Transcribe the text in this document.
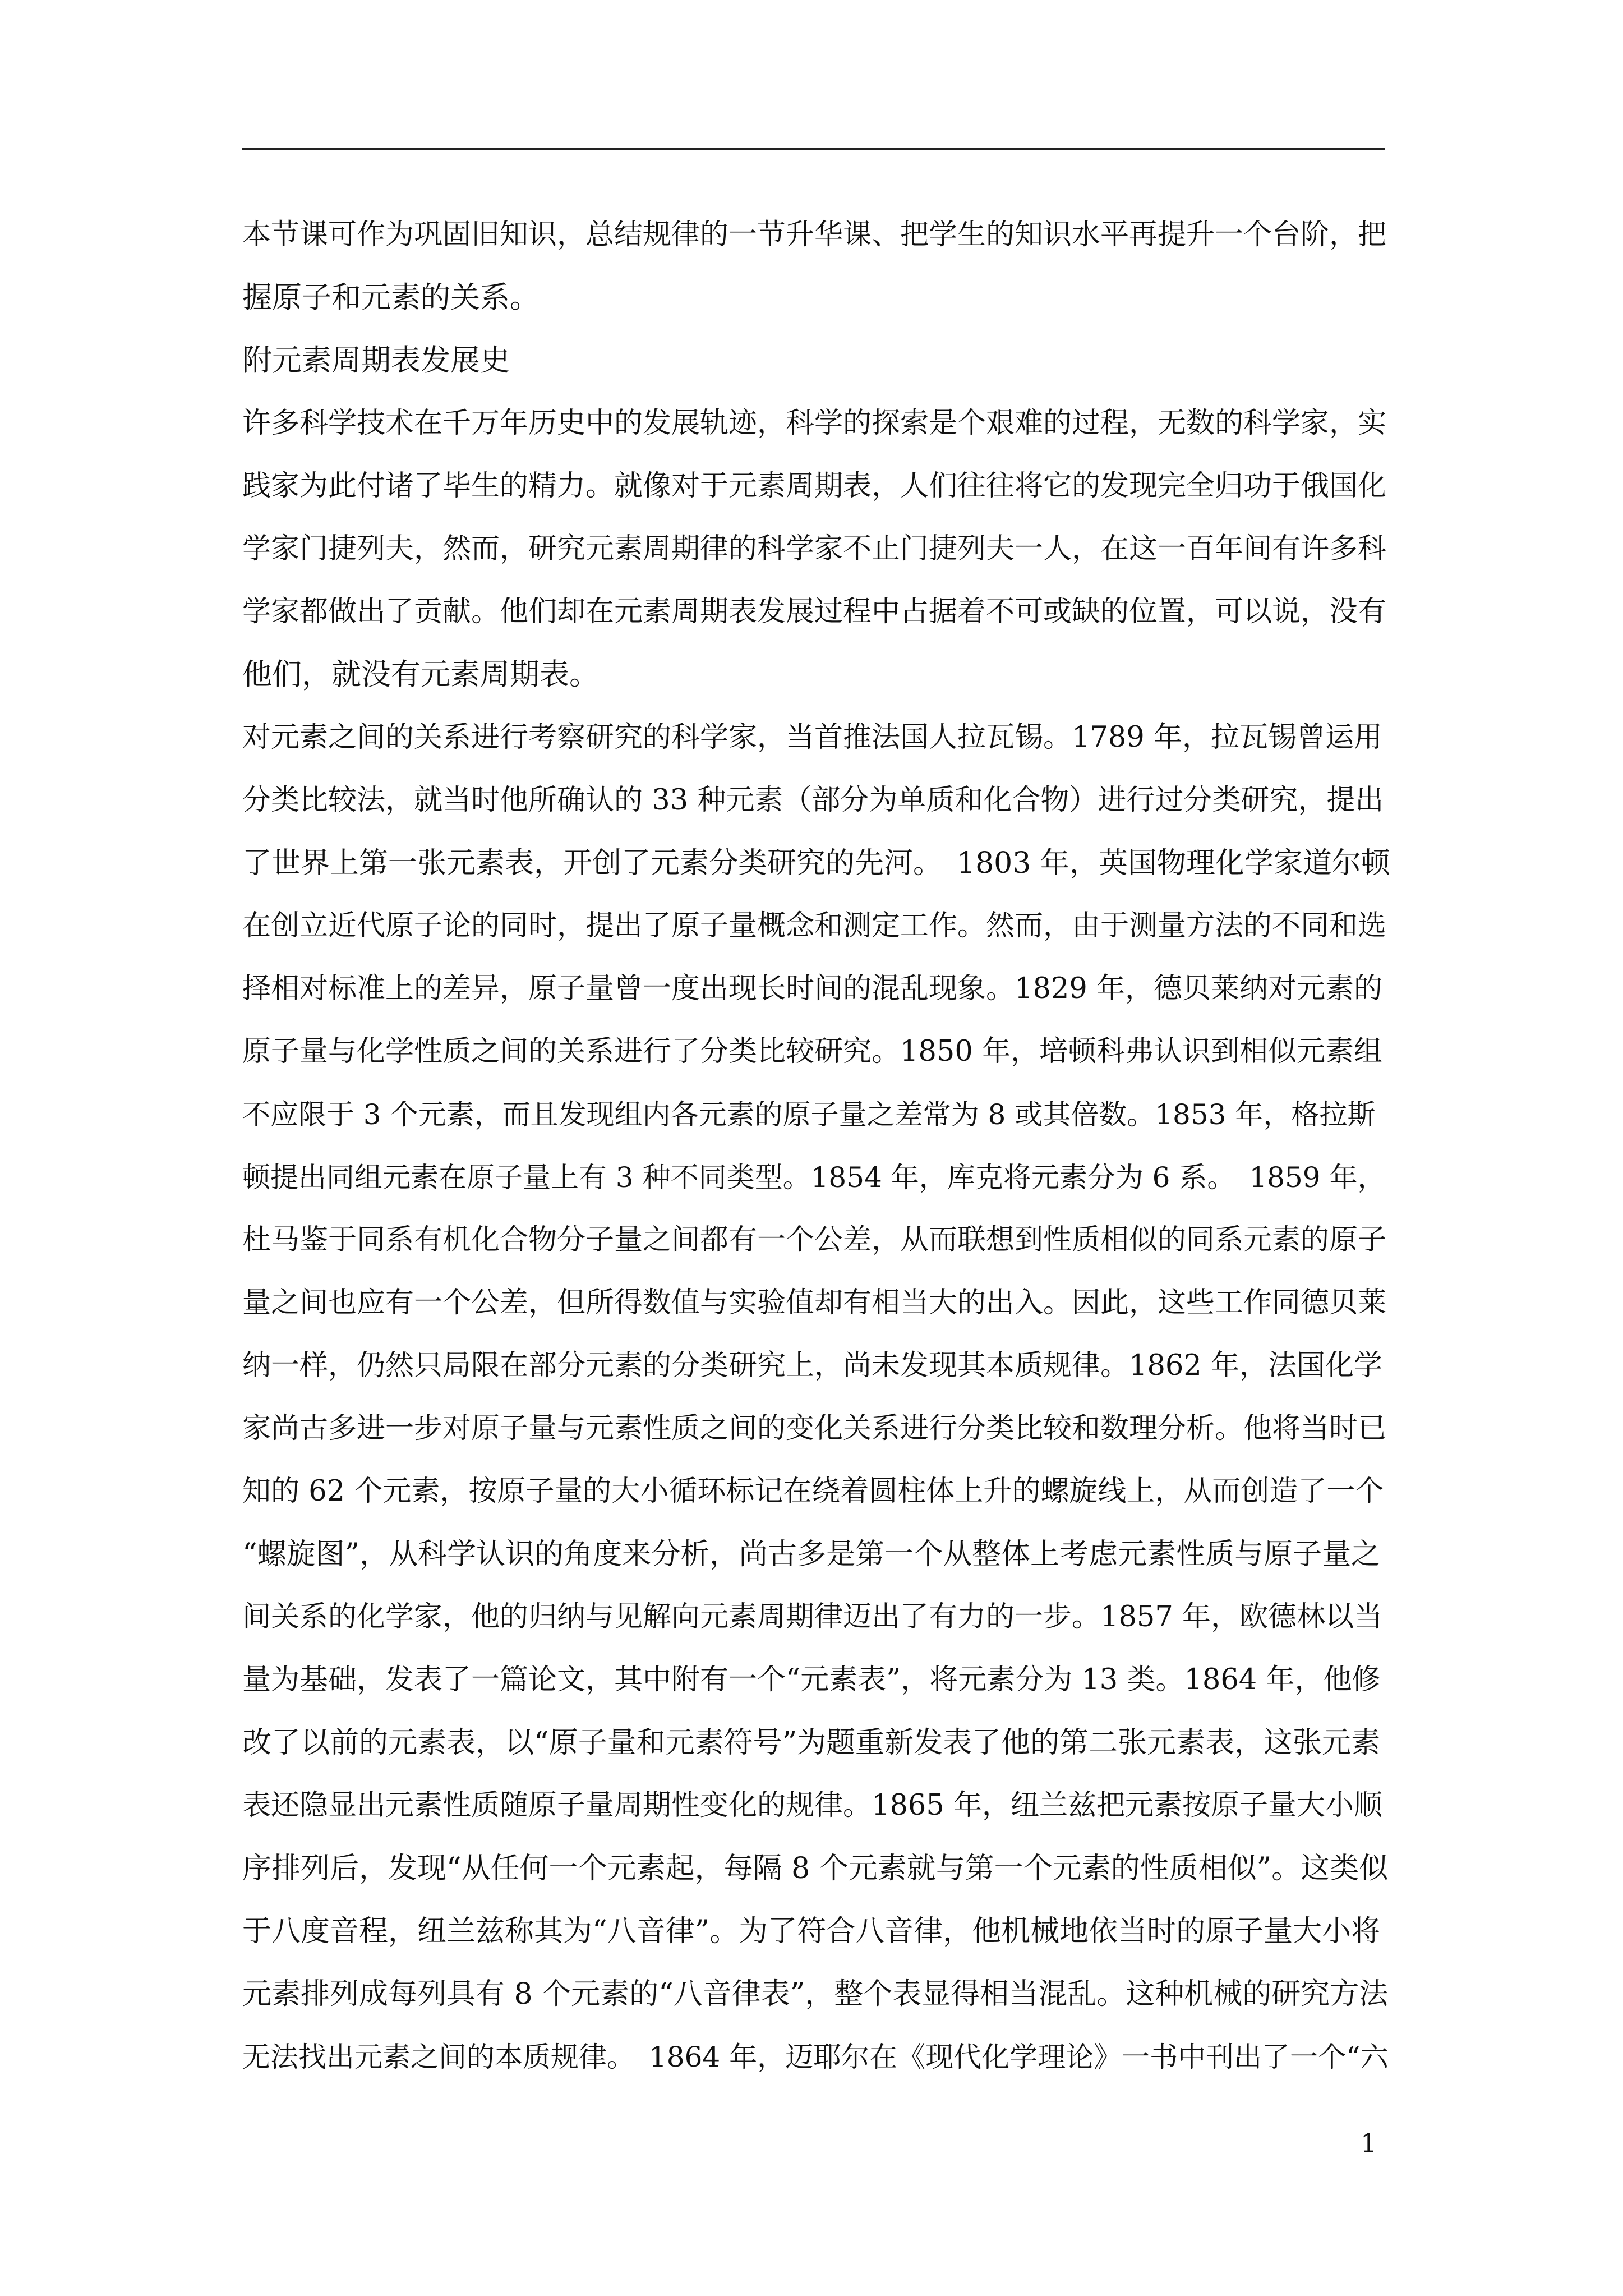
本节课可作为巩固旧知识，总结规律的一节升华课、把学生的知识水平再提升一个台阶，把
握原子和元素的关系。
附元素周期表发展史
许多科学技术在千万年历史中的发展轨迹，科学的探索是个艰难的过程，无数的科学家，实
践家为此付诸了毕生的精力。就像对于元素周期表，人们往往将它的发现完全归功于俄国化
学家门捷列夫，然而，研究元素周期律的科学家不止门捷列夫一人，在这一百年间有许多科
学家都做出了贡献。他们却在元素周期表发展过程中占据着不可或缺的位置，可以说，没有
他们，就没有元素周期表。
对元素之间的关系进行考察研究的科学家，当首推法国人拉瓦锡。1789 年，拉瓦锡曾运用
分类比较法，就当时他所确认的 33 种元素（部分为单质和化合物）进行过分类研究，提出
了世界上第一张元素表，开创了元素分类研究的先河。　1803 年，英国物理化学家道尔顿
在创立近代原子论的同时，提出了原子量概念和测定工作。然而，由于测量方法的不同和选
择相对标准上的差异，原子量曾一度出现长时间的混乱现象。1829 年，德贝莱纳对元素的
原子量与化学性质之间的关系进行了分类比较研究。1850 年，培顿科弗认识到相似元素组
不应限于 3 个元素，而且发现组内各元素的原子量之差常为 8 或其倍数。1853 年，格拉斯
顿提出同组元素在原子量上有 3 种不同类型。1854 年，库克将元素分为 6 系。　1859 年，
杜马鉴于同系有机化合物分子量之间都有一个公差，从而联想到性质相似的同系元素的原子
量之间也应有一个公差，但所得数值与实验值却有相当大的出入。因此，这些工作同德贝莱
纳一样，仍然只局限在部分元素的分类研究上，尚未发现其本质规律。1862 年，法国化学
家尚古多进一步对原子量与元素性质之间的变化关系进行分类比较和数理分析。他将当时已
知的 62 个元素，按原子量的大小循环标记在绕着圆柱体上升的螺旋线上，从而创造了一个
“螺旋图”，从科学认识的角度来分析，尚古多是第一个从整体上考虑元素性质与原子量之
间关系的化学家，他的归纳与见解向元素周期律迈出了有力的一步。1857 年，欧德林以当
量为基础，发表了一篇论文，其中附有一个“元素表”，将元素分为 13 类。1864 年，他修
改了以前的元素表，以“原子量和元素符号”为题重新发表了他的第二张元素表，这张元素
表还隐显出元素性质随原子量周期性变化的规律。1865 年，纽兰兹把元素按原子量大小顺
序排列后，发现“从任何一个元素起，每隔 8 个元素就与第一个元素的性质相似”。这类似
于八度音程，纽兰兹称其为“八音律”。为了符合八音律，他机械地依当时的原子量大小将
元素排列成每列具有 8 个元素的“八音律表”，整个表显得相当混乱。这种机械的研究方法
无法找出元素之间的本质规律。　1864 年，迈耶尔在《现代化学理论》一书中刊出了一个“六
1
